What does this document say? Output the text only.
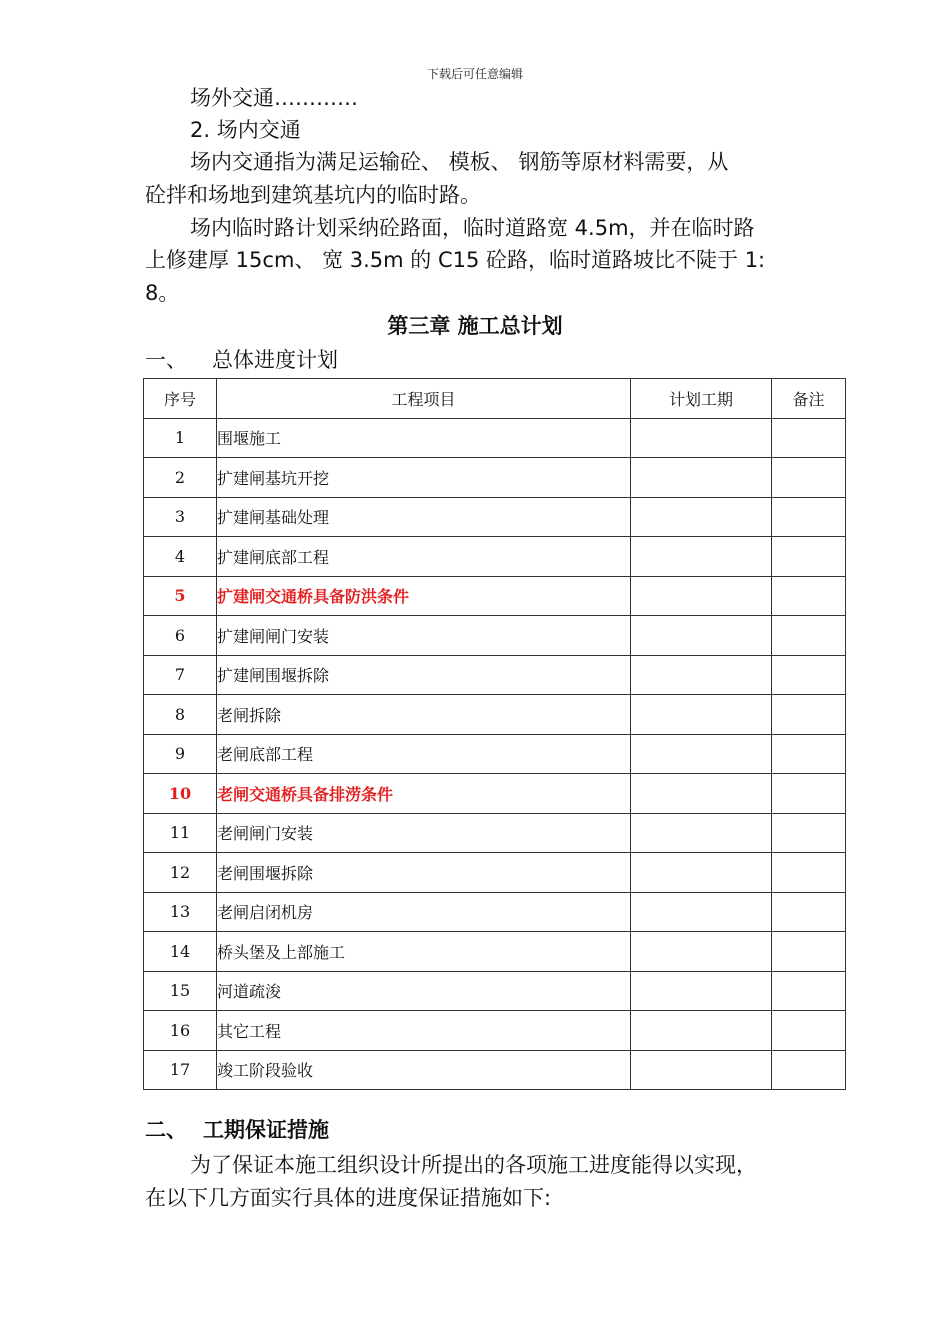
下载后可任意编辑
场外交通…………
2. 场内交通
场内交通指为满足运输砼、 模板、 钢筋等原材料需要，从
砼拌和场地到建筑基坑内的临时路。
场内临时路计划采纳砼路面，临时道路宽 4.5m，并在临时路
上修建厚 15cm、 宽 3.5m 的 C15 砼路，临时道路坡比不陡于 1:
8。
第三章 施工总计划
一、 总体进度计划
序号	工程项目	计划工期	备注
1	围堰施工		
2	扩建闸基坑开挖		
3	扩建闸基础处理		
4	扩建闸底部工程		
5	扩建闸交通桥具备防洪条件		
6	扩建闸闸门安装		
7	扩建闸围堰拆除		
8	老闸拆除		
9	老闸底部工程		
10	老闸交通桥具备排涝条件		
11	老闸闸门安装		
12	老闸围堰拆除		
13	老闸启闭机房		
14	桥头堡及上部施工		
15	河道疏浚		
16	其它工程		
17	竣工阶段验收		
二、 工期保证措施
为了保证本施工组织设计所提出的各项施工进度能得以实现，
在以下几方面实行具体的进度保证措施如下:
